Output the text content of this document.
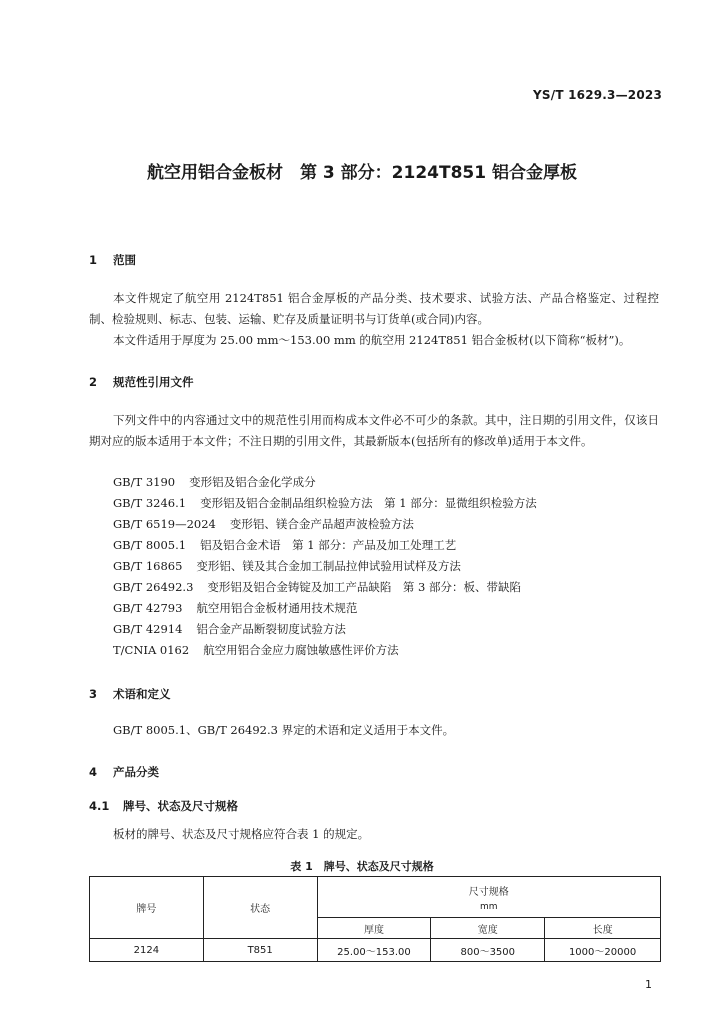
YS/T 1629.3—2023
航空用铝合金板材　第 3 部分：2124T851 铝合金厚板
1 范围

本文件规定了航空用 2124T851 铝合金厚板的产品分类、技术要求、试验方法、产品合格鉴定、过程控制、检验规则、标志、包装、运输、贮存及质量证明书与订货单(或合同)内容。

本文件适用于厚度为 25.00 mm～153.00 mm 的航空用 2124T851 铝合金板材(以下简称“板材”)。

2 规范性引用文件

下列文件中的内容通过文中的规范性引用而构成本文件必不可少的条款。其中，注日期的引用文件，仅该日期对应的版本适用于本文件；不注日期的引用文件，其最新版本(包括所有的修改单)适用于本文件。

GB/T 3190 变形铝及铝合金化学成分
GB/T 3246.1 变形铝及铝合金制品组织检验方法　第 1 部分：显微组织检验方法
GB/T 6519—2024 变形铝、镁合金产品超声波检验方法
GB/T 8005.1 铝及铝合金术语　第 1 部分：产品及加工处理工艺
GB/T 16865 变形铝、镁及其合金加工制品拉伸试验用试样及方法
GB/T 26492.3 变形铝及铝合金铸锭及加工产品缺陷　第 3 部分：板、带缺陷
GB/T 42793 航空用铝合金板材通用技术规范
GB/T 42914 铝合金产品断裂韧度试验方法
T/CNIA 0162 航空用铝合金应力腐蚀敏感性评价方法
3 术语和定义

GB/T 8005.1、GB/T 26492.3 界定的术语和定义适用于本文件。

4 产品分类
4.1 牌号、状态及尺寸规格

板材的牌号、状态及尺寸规格应符合表 1 的规定。

表 1　牌号、状态及尺寸规格
牌号	状态	尺寸规格
mm		

		厚度	宽度	长度
2124	T851	25.00～153.00	800～3500	1000～20000
1
